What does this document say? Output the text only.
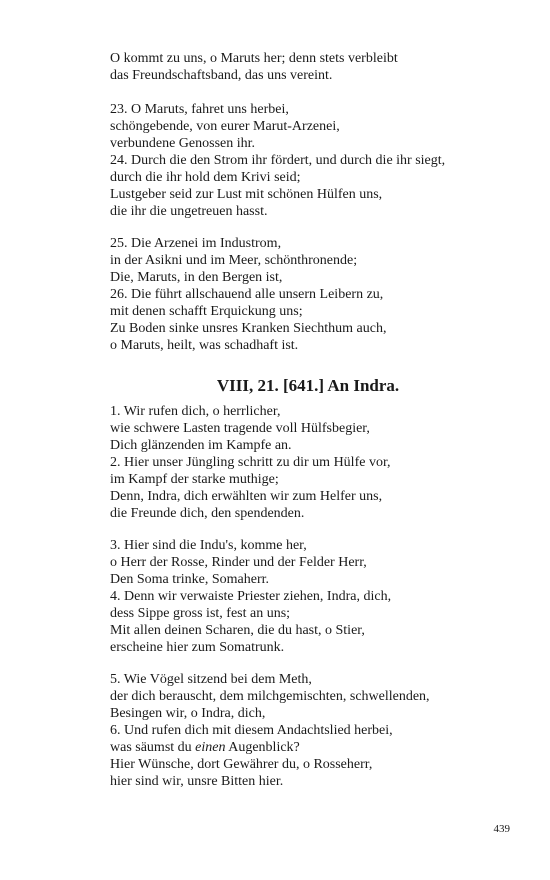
O kommt zu uns, o Maruts her; denn stets verbleibt
das Freundschaftsband, das uns vereint.
23. O Maruts, fahret uns herbei,
schöngebende, von eurer Marut-Arzenei,
verbundene Genossen ihr.
24. Durch die den Strom ihr fördert, und durch die ihr siegt,
durch die ihr hold dem Krivi seid;
Lustgeber seid zur Lust mit schönen Hülfen uns,
die ihr die ungetreuen hasst.
25. Die Arzenei im Industrom,
in der Asikni und im Meer, schönthronende;
Die, Maruts, in den Bergen ist,
26. Die führt allschauend alle unsern Leibern zu,
mit denen schafft Erquickung uns;
Zu Boden sinke unsres Kranken Siechthum auch,
o Maruts, heilt, was schadhaft ist.
VIII, 21. [641.] An Indra.
1. Wir rufen dich, o herrlicher,
wie schwere Lasten tragende voll Hülfsbegier,
Dich glänzenden im Kampfe an.
2. Hier unser Jüngling schritt zu dir um Hülfe vor,
im Kampf der starke muthige;
Denn, Indra, dich erwählten wir zum Helfer uns,
die Freunde dich, den spendenden.
3. Hier sind die Indu's, komme her,
o Herr der Rosse, Rinder und der Felder Herr,
Den Soma trinke, Somaherr.
4. Denn wir verwaiste Priester ziehen, Indra, dich,
dess Sippe gross ist, fest an uns;
Mit allen deinen Scharen, die du hast, o Stier,
erscheine hier zum Somatrunk.
5. Wie Vögel sitzend bei dem Meth,
der dich berauscht, dem milchgemischten, schwellenden,
Besingen wir, o Indra, dich,
6. Und rufen dich mit diesem Andachtslied herbei,
was säumst du einen Augenblick?
Hier Wünsche, dort Gewährer du, o Rosseherr,
hier sind wir, unsre Bitten hier.
439
